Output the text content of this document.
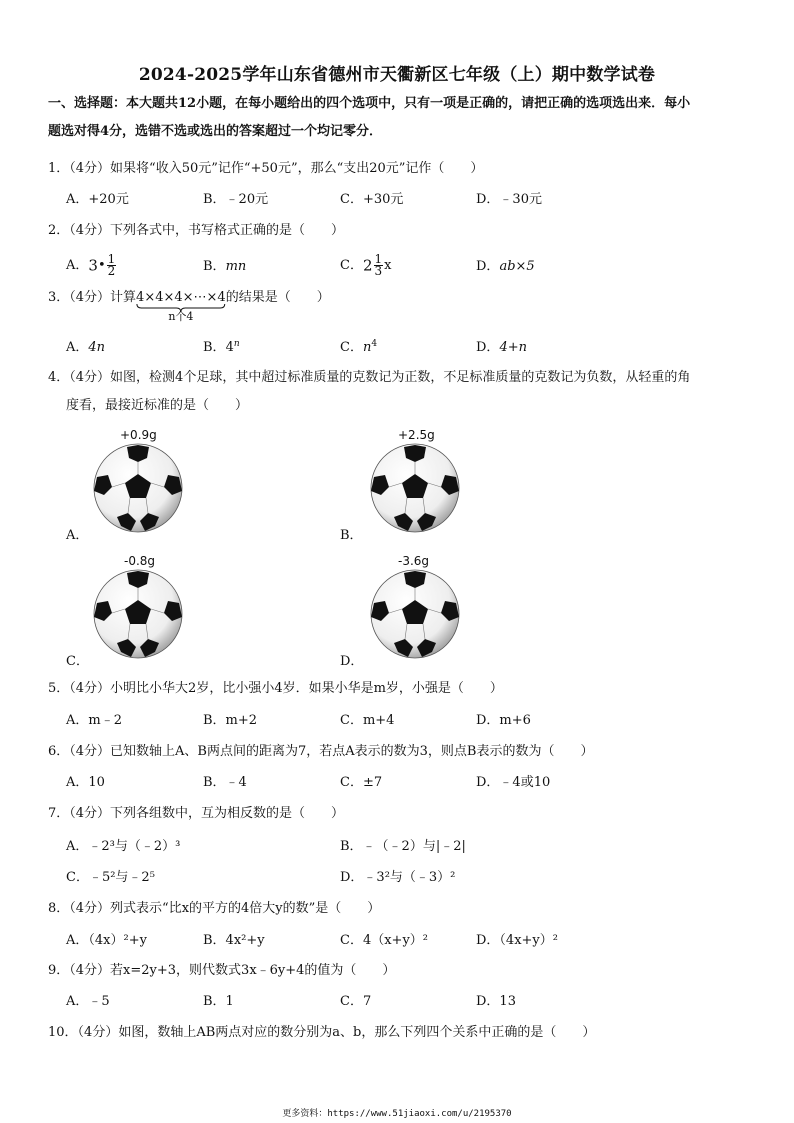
2024-2025学年山东省德州市天衢新区七年级（上）期中数学试卷
一、选择题：本大题共12小题，在每小题给出的四个选项中，只有一项是正确的，请把正确的选项选出来．每小
题选对得4分，选错不选或选出的答案超过一个均记零分．
1．（4分）如果将“收入50元”记作“+50元”，那么“支出20元”记作（　　）
A．+20元	B．﹣20元	C．+30元	D．﹣30元
2．（4分）下列各式中，书写格式正确的是（　　）
A．3• $\frac{1}{2}$	B．mn	C．$2 \frac{1}{3}$ x	D．ab×5
3．（4分）计算4×4×4×⋯×4
n个4
的结果是（　　）
A．4n	B．4$^n$	C．$n^4$	D．4+n
4．（4分）如图，检测4个足球，其中超过标准质量的克数记为正数，不足标准质量的克数记为负数，从轻重的角
度看，最接近标准的是（　　）
+0.9g
A．
+2.5g
B．
-0.8g
C．
-3.6g
D．
5．（4分）小明比小华大2岁，比小强小4岁．如果小华是m岁，小强是（　　）
A．m﹣2	B．m+2	C．m+4	D．m+6
6．（4分）已知数轴上A、B两点间的距离为7，若点A表示的数为3，则点B表示的数为（　　）
A．10	B．﹣4	C．±7	D．﹣4或10
7．（4分）下列各组数中，互为相反数的是（　　）
A．﹣2³与（﹣2）³	B．﹣（﹣2）与|﹣2|
C．﹣5²与﹣2⁵	D．﹣3²与（﹣3）²
8．（4分）列式表示“比x的平方的4倍大y的数”是（　　）
A．（4x）²+y	B．4x²+y	C．4（x+y）²	D．（4x+y）²
9．（4分）若x=2y+3，则代数式3x﹣6y+4的值为（　　）
A．﹣5	B．1	C．7	D．13
10．（4分）如图，数轴上AB两点对应的数分别为a、b，那么下列四个关系中正确的是（　　）
更多资料：https://www.51jiaoxi.com/u/2195370
